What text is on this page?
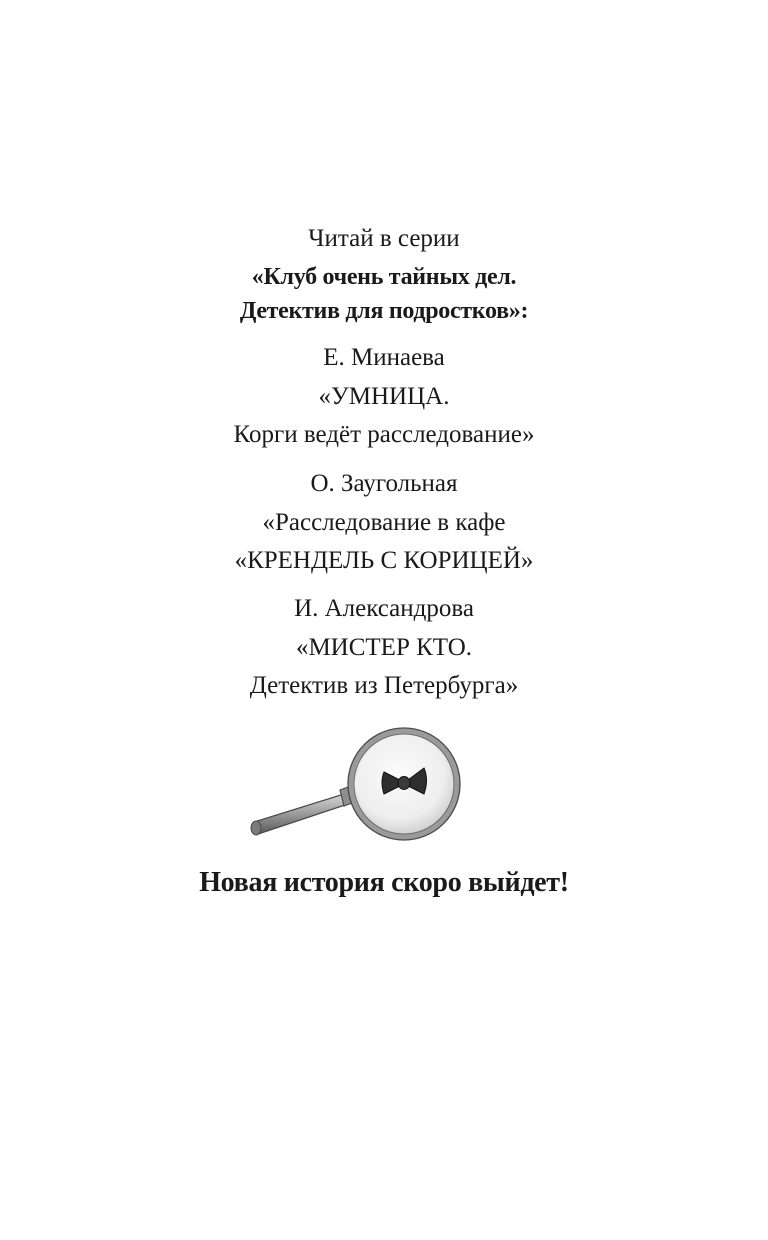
Читай в серии
«Клуб очень тайных дел.
Детектив для подростков»:
Е. Минаева
«УМНИЦА.
Корги ведёт расследование»
О. Заугольная
«Расследование в кафе
«КРЕНДЕЛЬ С КОРИЦЕЙ»
И. Александрова
«МИСТЕР КТО.
Детектив из Петербурга»
Новая история скоро выйдет!
